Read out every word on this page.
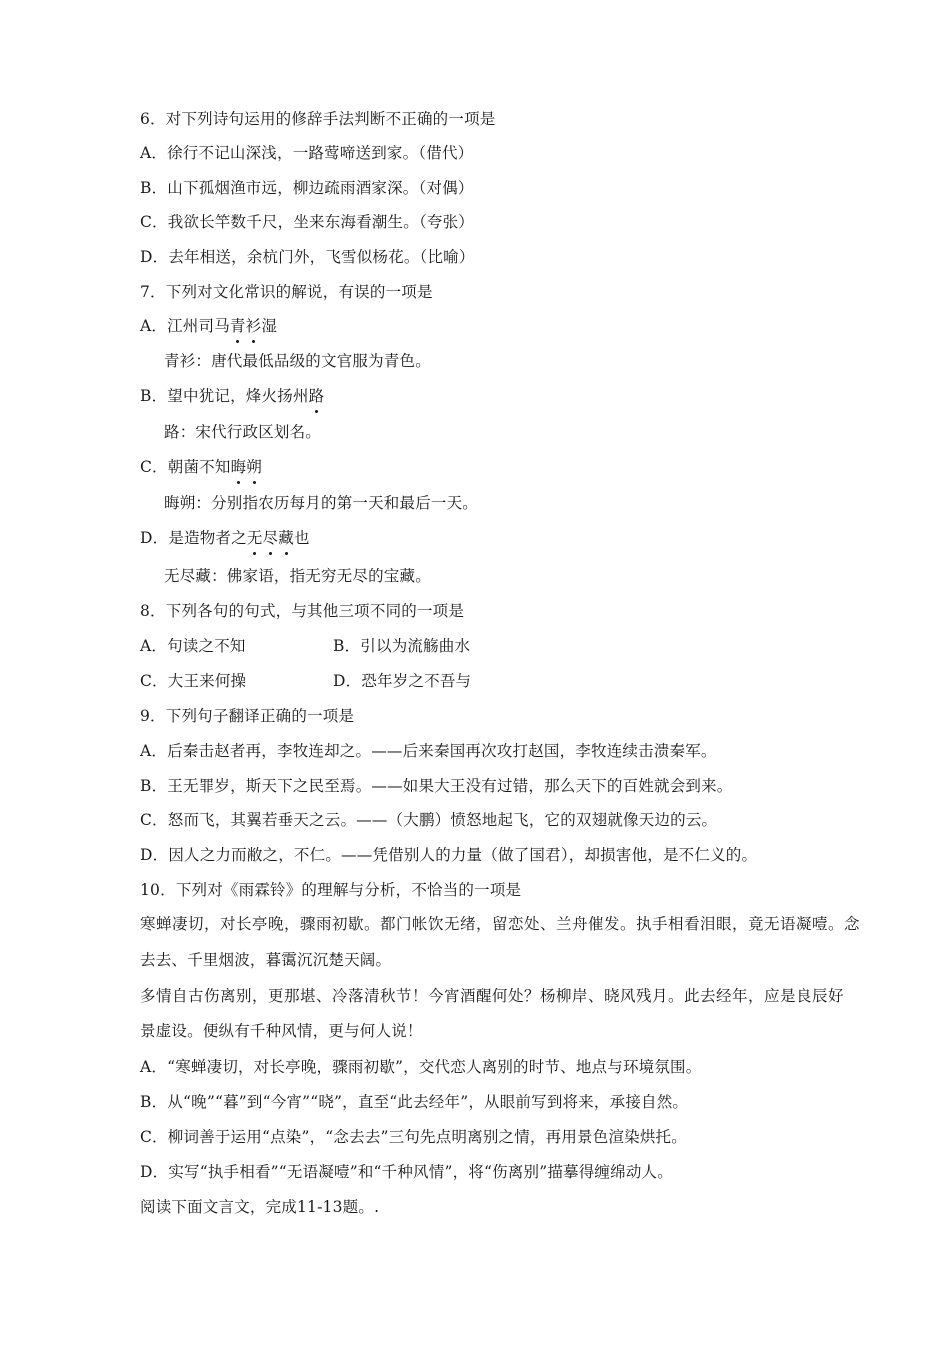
6．对下列诗句运用的修辞手法判断不正确的一项是
A．徐行不记山深浅，一路莺啼送到家。（借代）
B．山下孤烟渔市远，柳边疏雨酒家深。（对偶）
C．我欲长竿数千尺，坐来东海看潮生。（夸张）
D．去年相送，余杭门外，飞雪似杨花。（比喻）
7．下列对文化常识的解说，有误的一项是
A．江州司马青衫湿
青衫：唐代最低品级的文官服为青色。
B．望中犹记，烽火扬州路
路：宋代行政区划名。
C．朝菌不知晦朔
晦朔：分别指农历每月的第一天和最后一天。
D．是造物者之无尽藏也
无尽藏：佛家语，指无穷无尽的宝藏。
8．下列各句的句式，与其他三项不同的一项是
A．句读之不知	B．引以为流觞曲水
C．大王来何操	D．恐年岁之不吾与
9．下列句子翻译正确的一项是
A．后秦击赵者再，李牧连却之。——后来秦国再次攻打赵国，李牧连续击溃秦军。
B．王无罪岁，斯天下之民至焉。——如果大王没有过错，那么天下的百姓就会到来。
C．怒而飞，其翼若垂天之云。——（大鹏）愤怒地起飞，它的双翅就像天边的云。
D．因人之力而敝之，不仁。——凭借别人的力量（做了国君），却损害他，是不仁义的。
10．下列对《雨霖铃》的理解与分析，不恰当的一项是
寒蝉凄切，对长亭晚，骤雨初歇。都门帐饮无绪，留恋处、兰舟催发。执手相看泪眼，竟无语凝噎。念
去去、千里烟波，暮霭沉沉楚天阔。
多情自古伤离别，更那堪、冷落清秋节！今宵酒醒何处？杨柳岸、晓风残月。此去经年，应是良辰好
景虚设。便纵有千种风情，更与何人说！
A．“寒蝉凄切，对长亭晚，骤雨初歇”，交代恋人离别的时节、地点与环境氛围。
B．从“晚”“暮”到“今宵”“晓”，直至“此去经年”，从眼前写到将来，承接自然。
C．柳词善于运用“点染”，“念去去”三句先点明离别之情，再用景色渲染烘托。
D．实写“执手相看”“无语凝噎”和“千种风情”，将“伤离别”描摹得缠绵动人。
阅读下面文言文，完成11-13题。.
